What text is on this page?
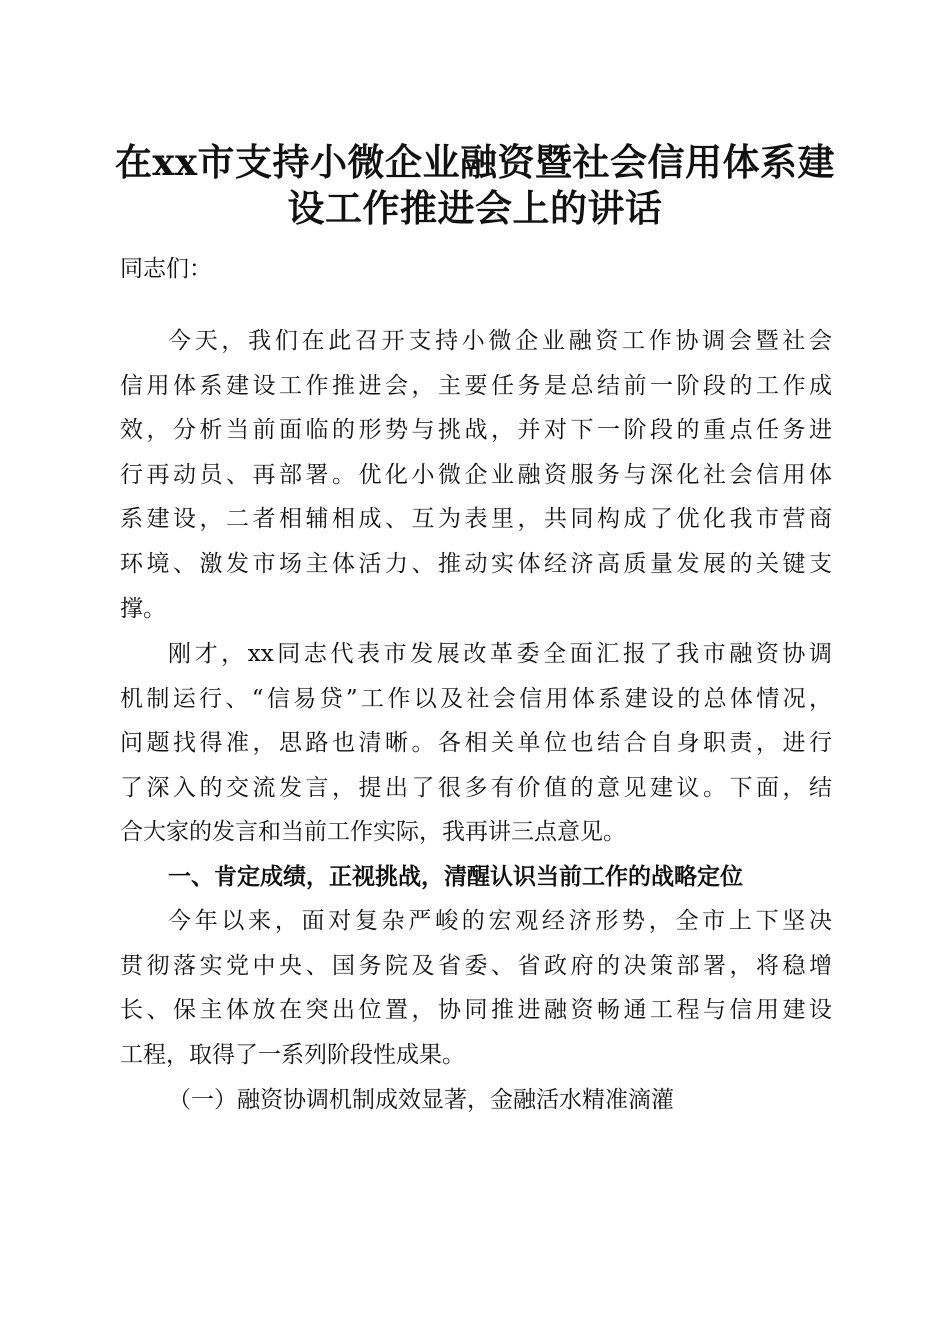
在xx市支持小微企业融资暨社会信用体系建
设工作推进会上的讲话
同志们：
今天，我们在此召开支持小微企业融资工作协调会暨社会
信用体系建设工作推进会，主要任务是总结前一阶段的工作成
效，分析当前面临的形势与挑战，并对下一阶段的重点任务进
行再动员、再部署。优化小微企业融资服务与深化社会信用体
系建设，二者相辅相成、互为表里，共同构成了优化我市营商
环境、激发市场主体活力、推动实体经济高质量发展的关键支
撑。
刚才，xx同志代表市发展改革委全面汇报了我市融资协调
机制运行、“信易贷”工作以及社会信用体系建设的总体情况，
问题找得准，思路也清晰。各相关单位也结合自身职责，进行
了深入的交流发言，提出了很多有价值的意见建议。下面，结
合大家的发言和当前工作实际，我再讲三点意见。
一、肯定成绩，正视挑战，清醒认识当前工作的战略定位
今年以来，面对复杂严峻的宏观经济形势，全市上下坚决
贯彻落实党中央、国务院及省委、省政府的决策部署，将稳增
长、保主体放在突出位置，协同推进融资畅通工程与信用建设
工程，取得了一系列阶段性成果。
（一）融资协调机制成效显著，金融活水精准滴灌
